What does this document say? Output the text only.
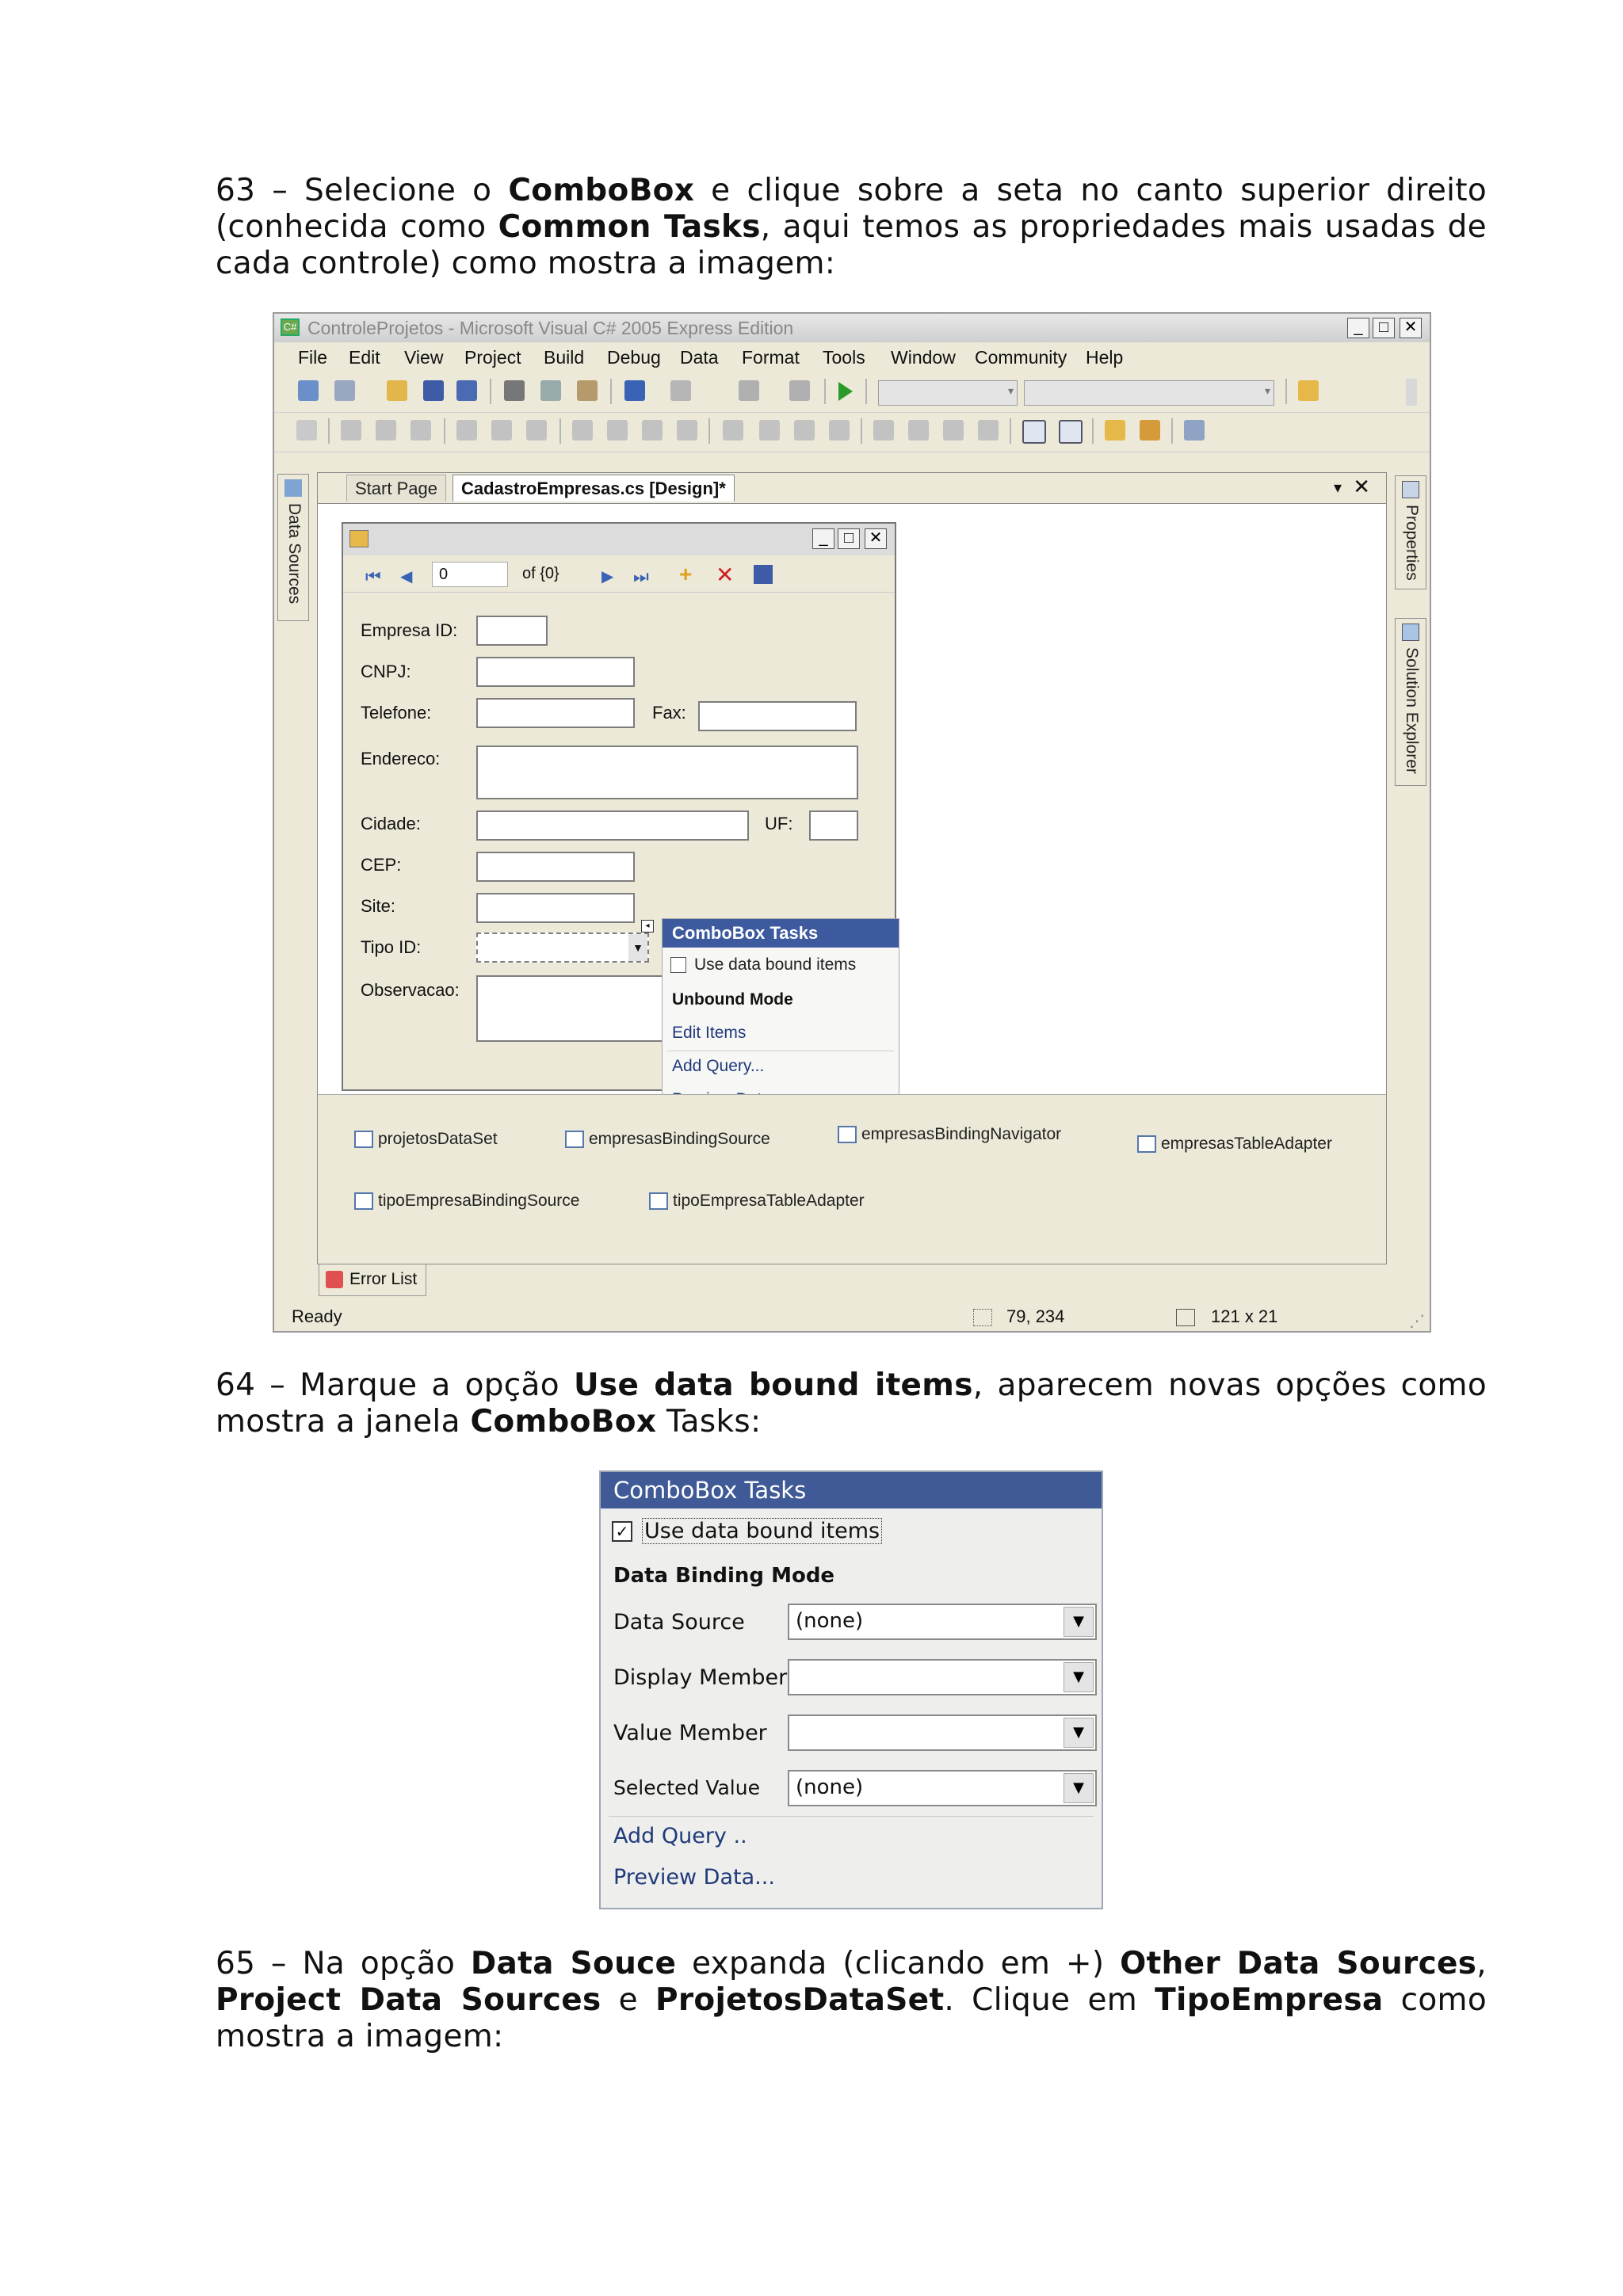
63 – Selecione o ComboBox e clique sobre a seta no canto superior direito (conhecida como Common Tasks, aqui temos as propriedades mais usadas de cada controle) como mostra a imagem:
C# ControleProjetos - Microsoft Visual C# 2005 Express Edition	_	□ ✕
File Edit View Project Build Debug Data Format Tools Window Community Help
▾
▾
Data Sources	Properties
Solution Explorer
Start Page	CadastroEmpresas.cs [Design]*	▾ ✕
_	□ ✕
⏮ ◀	0	of {0}	▶ ⏭ + ✕
Empresa ID:
CNPJ:
Telefone:	Fax:
Endereco:
Cidade:	UF:
CEP:
Site:
Tipo ID:	▼
◂
Observacao:
ComboBox Tasks
Use data bound items
Unbound Mode
Edit Items
Add Query...
projetosDataSet	empresasBindingSource	empresasBindingNavigator
empresasTableAdapter
tipoEmpresaBindingSource	tipoEmpresaTableAdapter
Error List
Ready	79, 234	121 x 21	⋰
64 – Marque a opção Use data bound items, aparecem novas opções como mostra a janela ComboBox Tasks:
ComboBox Tasks
✓ Use data bound items
Data Binding Mode
Data Source	(none)	▼
Display Member	▼
Value Member	▼
Selected Value	(none)	▼
Add Query ..
Preview Data...
65 – Na opção Data Souce expanda (clicando em +) Other Data Sources, Project Data Sources e ProjetosDataSet. Clique em TipoEmpresa como mostra a imagem:
